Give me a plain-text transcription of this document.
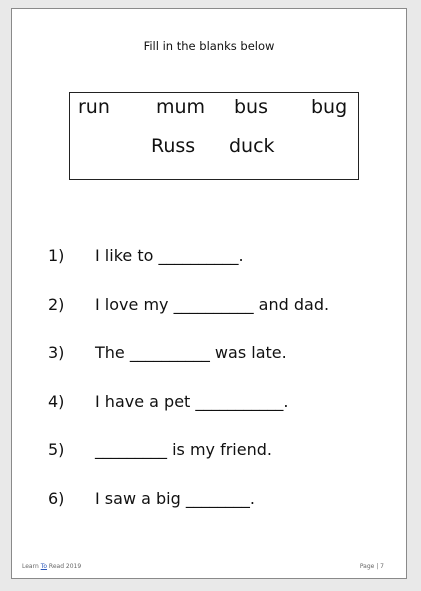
Fill in the blanks below
run mum bus bug
Russ duck
1) I like to __________.
2) I love my __________ and dad.
3) The __________ was late.
4) I have a pet ___________.
5) _________ is my friend.
6) I saw a big ________.
Learn To Read 2019	Page | 7
